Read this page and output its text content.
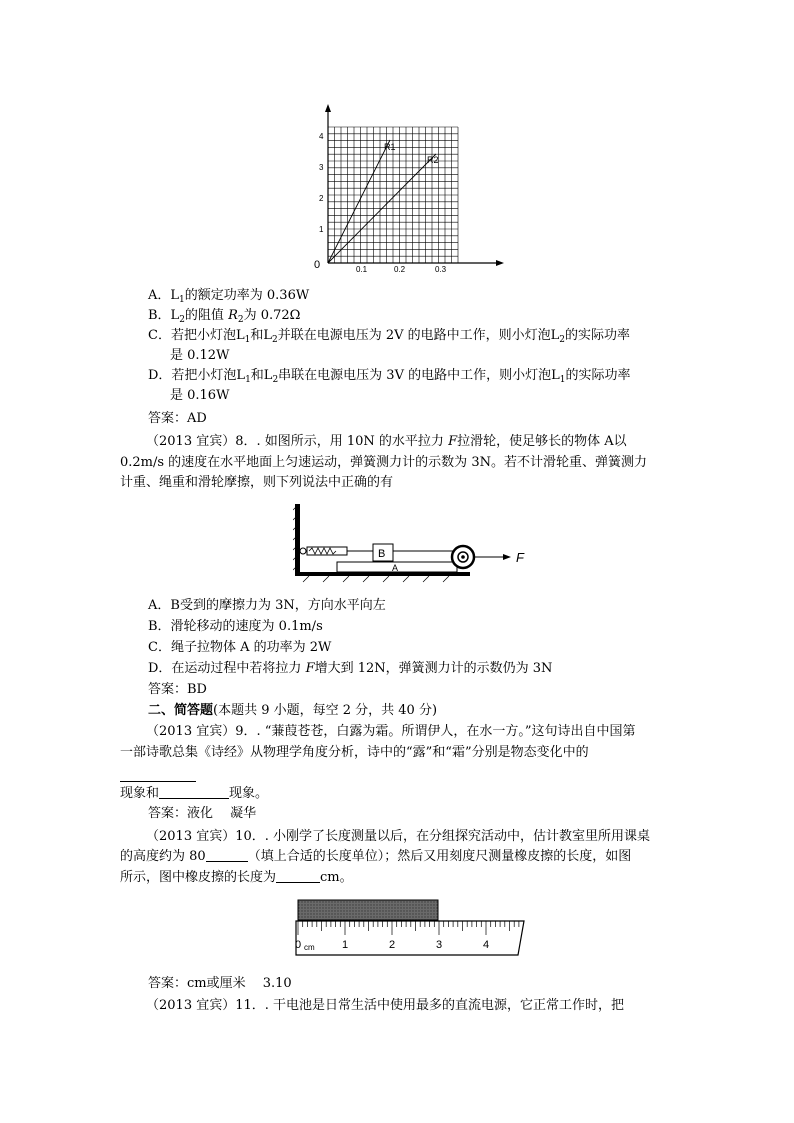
R1
R2
0
1
2
3
4
0.1	0.2	0.3
A．$L_1$的额定功率为 0.36W
B．$L_2$的阻值 $R_2$为 0.72Ω
C．若把小灯泡$L_1$和$L_2$并联在电源电压为 2V 的电路中工作，则小灯泡$L_2$的实际功率
是 0.12W
D．若把小灯泡$L_1$和$L_2$串联在电源电压为 3V 的电路中工作，则小灯泡$L_1$的实际功率
是 0.16W
答案：AD
（2013 宜宾）8．. 如图所示，用 10N 的水平拉力 F拉滑轮，使足够长的物体 A以
0.2m/s 的速度在水平地面上匀速运动，弹簧测力计的示数为 3N。若不计滑轮重、弹簧测力
计重、绳重和滑轮摩擦，则下列说法中正确的有
B
A
F
A．B受到的摩擦力为 3N，方向水平向左
B．滑轮移动的速度为 0.1m/s
C．绳子拉物体 A 的功率为 2W
D．在运动过程中若将拉力 F增大到 12N，弹簧测力计的示数仍为 3N
答案：BD
二、简答题(本题共 9 小题，每空 2 分，共 40 分)
（2013 宜宾）9．. “蒹葭苍苍，白露为霜。所谓伊人，在水一方。”这句诗出自中国第
一部诗歌总集《诗经》从物理学角度分析，诗中的“露”和“霜”分别是物态变化中的
现象和	现象。
答案：液化　 凝华
（2013 宜宾）10．. 小刚学了长度测量以后，在分组探究活动中，估计教室里所用课桌
的高度约为 80	（填上合适的长度单位）；然后又用刻度尺测量橡皮擦的长度，如图
所示，图中橡皮擦的长度为	cm。
0 cm 1	2	3	4
答案：cm或厘米　 3.10
（2013 宜宾）11．. 干电池是日常生活中使用最多的直流电源，它正常工作时，把
